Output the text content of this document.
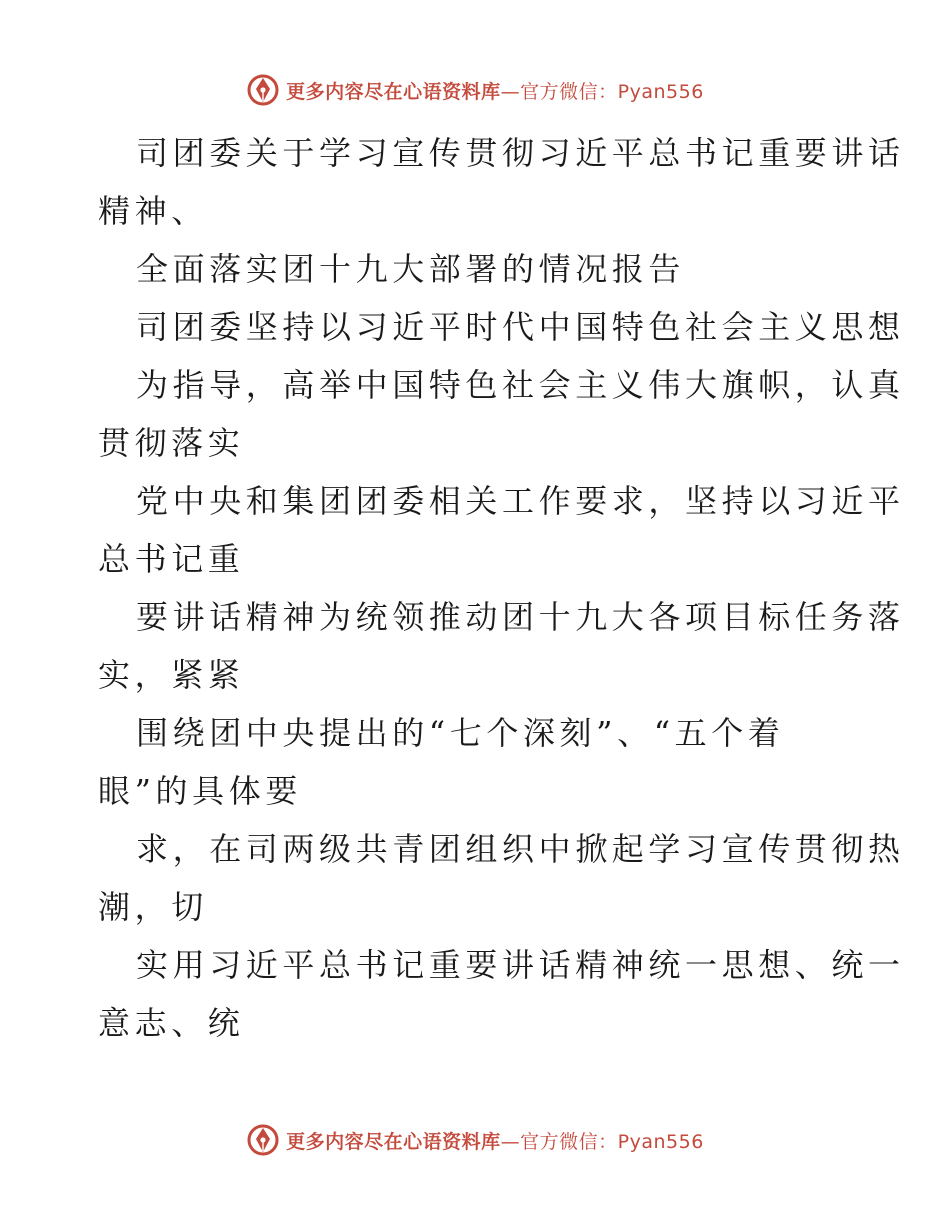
更多内容尽在心语资料库—官方微信：Pyan556
司团委关于学习宣传贯彻习近平总书记重要讲话
精神、
全面落实团十九大部署的情况报告
司团委坚持以习近平时代中国特色社会主义思想
为指导，高举中国特色社会主义伟大旗帜，认真
贯彻落实
党中央和集团团委相关工作要求，坚持以习近平
总书记重
要讲话精神为统领推动团十九大各项目标任务落
实，紧紧
围绕团中央提出的“七个深刻”、“五个着
眼”的具体要
求，在司两级共青团组织中掀起学习宣传贯彻热
潮，切
实用习近平总书记重要讲话精神统一思想、统一
意志、统
更多内容尽在心语资料库—官方微信：Pyan556
